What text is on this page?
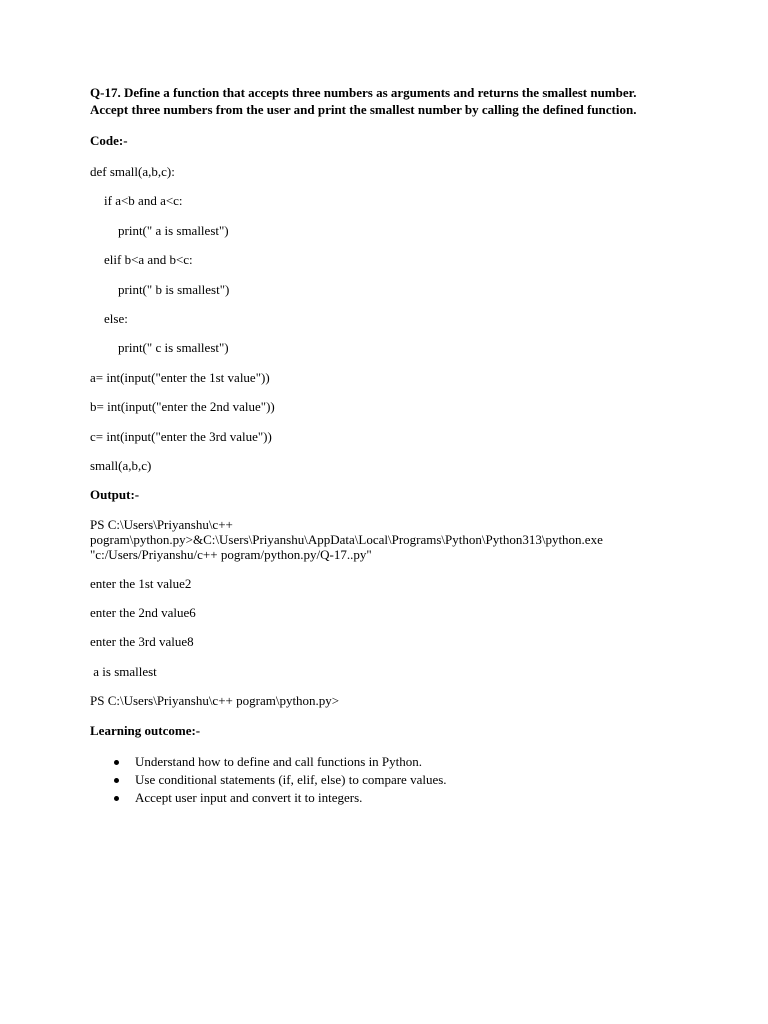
Q-17. Define a function that accepts three numbers as arguments and returns the smallest number.
Accept three numbers from the user and print the smallest number by calling the defined function.
Code:-
def small(a,b,c):
if a<b and a<c:
print(" a is smallest")
elif b<a and b<c:
print(" b is smallest")
else:
print(" c is smallest")
a= int(input("enter the 1st value"))
b= int(input("enter the 2nd value"))
c= int(input("enter the 3rd value"))
small(a,b,c)
Output:-
PS C:\Users\Priyanshu\c++
pogram\python.py>&C:\Users\Priyanshu\AppData\Local\Programs\Python\Python313\python.exe
"c:/Users/Priyanshu/c++ pogram/python.py/Q-17..py"
enter the 1st value2
enter the 2nd value6
enter the 3rd value8
a is smallest
PS C:\Users\Priyanshu\c++ pogram\python.py>
Learning outcome:-
Understand how to define and call functions in Python.
Use conditional statements (if, elif, else) to compare values.
Accept user input and convert it to integers.
